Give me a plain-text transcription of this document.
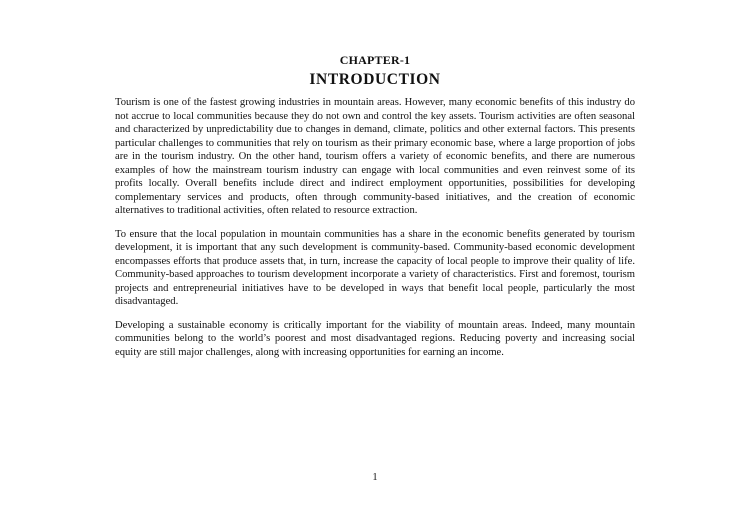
CHAPTER-1
INTRODUCTION

Tourism is one of the fastest growing industries in mountain areas. However, many economic benefits of this industry do not accrue to local communities because they do not own and control the key assets. Tourism activities are often seasonal and characterized by unpredictability due to changes in demand, climate, politics and other external factors. This presents particular challenges to communities that rely on tourism as their primary economic base, where a large proportion of jobs are in the tourism industry. On the other hand, tourism offers a variety of economic benefits, and there are numerous examples of how the mainstream tourism industry can engage with local communities and even reinvest some of its profits locally. Overall benefits include direct and indirect employment opportunities, possibilities for developing complementary services and products, often through community-based initiatives, and the creation of economic alternatives to traditional activities, often related to resource extraction.

To ensure that the local population in mountain communities has a share in the economic benefits generated by tourism development, it is important that any such development is community-based. Community-based economic development encompasses efforts that produce assets that, in turn, increase the capacity of local people to improve their quality of life. Community-based approaches to tourism development incorporate a variety of characteristics. First and foremost, tourism projects and entrepreneurial initiatives have to be developed in ways that benefit local people, particularly the most disadvantaged.

Developing a sustainable economy is critically important for the viability of mountain areas. Indeed, many mountain communities belong to the world’s poorest and most disadvantaged regions. Reducing poverty and increasing social equity are still major challenges, along with increasing opportunities for earning an income.

1
